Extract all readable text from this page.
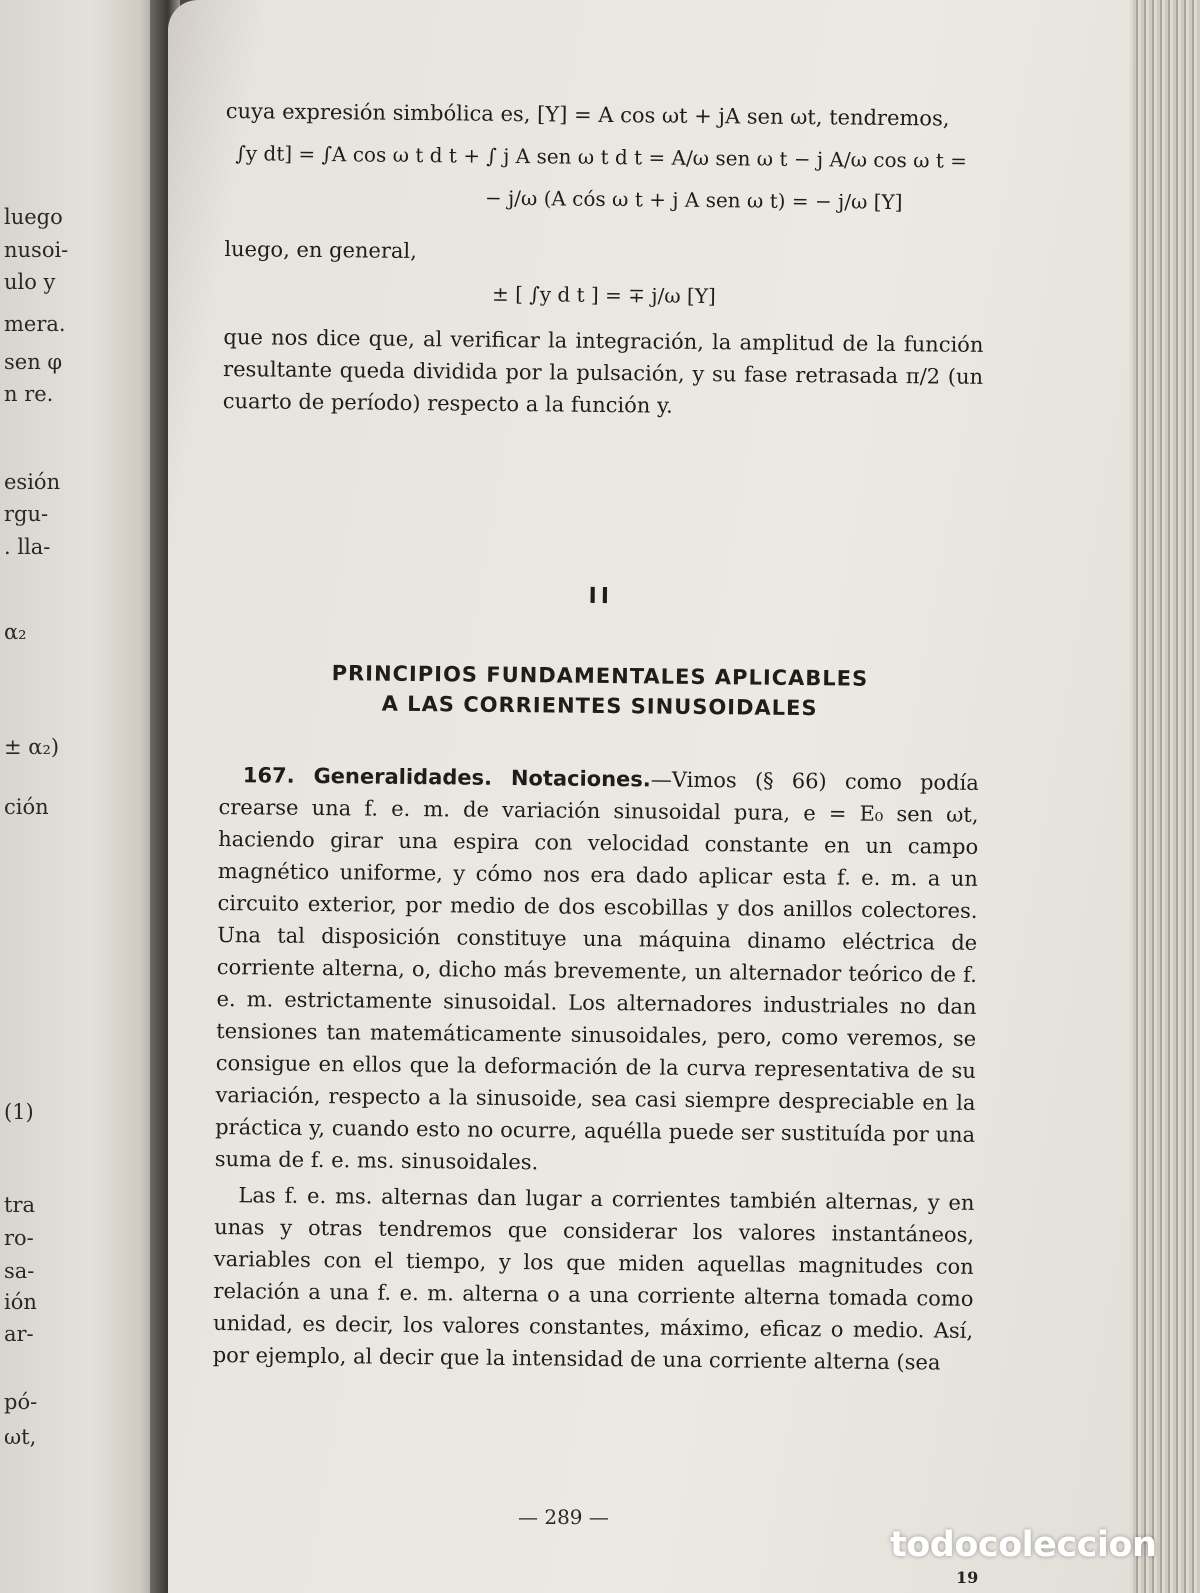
luego
nusoi-
ulo y
mera.
sen φ
n re.
esión
rgu-
. lla-
α₂
± α₂)
ción
(1)
tra
ro-
sa-
ión
ar-
pó-
ωt,

cuya expresión simbólica es, [Y] = A cos ωt + jA sen ωt, tendremos,

∫y dt] = ∫A cos ω t d t + ∫ j A sen ω t d t = A/ω sen ω t − j A/ω cos ω t =
− j/ω (A cós ω t + j A sen ω t) = − j/ω [Y]

luego, en general,

± [ ∫y d t ] = ∓ j/ω [Y]

que nos dice que, al verificar la integración, la amplitud de la función resultante queda dividida por la pulsación, y su fase retrasada π/2 (un cuarto de período) respecto a la función y.

II
PRINCIPIOS FUNDAMENTALES APLICABLES
A LAS CORRIENTES SINUSOIDALES

167. Generalidades. Notaciones.—Vimos (§ 66) como podía crearse una f. e. m. de variación sinusoidal pura, e = E₀ sen ωt, haciendo girar una espira con velocidad constante en un campo magnético uniforme, y cómo nos era dado aplicar esta f. e. m. a un circuito exterior, por medio de dos escobillas y dos anillos colectores. Una tal disposición constituye una máquina dinamo eléctrica de corriente alterna, o, dicho más brevemente, un alternador teórico de f. e. m. estrictamente sinusoidal. Los alternadores industriales no dan tensiones tan matemáticamente sinusoidales, pero, como veremos, se consigue en ellos que la deformación de la curva representativa de su variación, respecto a la sinusoide, sea casi siempre despreciable en la práctica y, cuando esto no ocurre, aquélla puede ser sustituída por una suma de f. e. ms. sinusoidales.

Las f. e. ms. alternas dan lugar a corrientes también alternas, y en unas y otras tendremos que considerar los valores instantáneos, variables con el tiempo, y los que miden aquellas magnitudes con relación a una f. e. m. alterna o a una corriente alterna tomada como unidad, es decir, los valores constantes, máximo, eficaz o medio. Así, por ejemplo, al decir que la intensidad de una corriente alterna (sea

— 289 —
19
todocoleccion
